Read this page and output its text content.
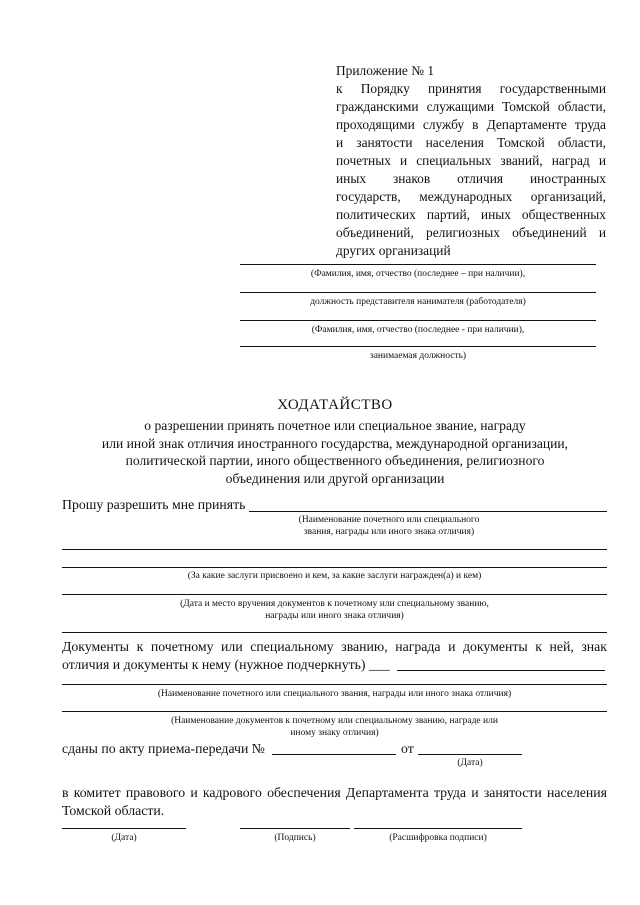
Приложение № 1
к Порядку принятия государственными
гражданскими служащими Томской области,
проходящими службу в Департаменте труда
и занятости населения Томской области,
почетных и специальных званий, наград и
иных знаков отличия иностранных
государств, международных организаций,
политических партий, иных общественных
объединений, религиозных объединений и
других организаций
(Фамилия, имя, отчество (последнее – при наличии),
должность представителя нанимателя (работодателя)
(Фамилия, имя, отчество (последнее - при наличии),
занимаемая должность)
ХОДАТАЙСТВО
о разрешении принять почетное или специальное звание, награду
или иной знак отличия иностранного государства, международной организации,
политической партии, иного общественного объединения, религиозного
объединения или другой организации
Прошу разрешить мне принять
(Наименование почетного или специального
звания, награды или иного знака отличия)
(За какие заслуги присвоено и кем, за какие заслуги награжден(а) и кем)
(Дата и место вручения документов к почетному или специальному званию,
награды или иного знака отличия)
Документы к почетному или специальному званию, награда и документы к ней, знак
отличия и документы к нему (нужное подчеркнуть) ___
(Наименование почетного или специального звания, награды или иного знака отличия)
(Наименование документов к почетному или специальному званию, награде или
иному знаку отличия)
сданы по акту приема-передачи №	от
(Дата)
в комитет правового и кадрового обеспечения Департамента труда и занятости населения
Томской области.
(Дата)	(Подпись)	(Расшифровка подписи)
